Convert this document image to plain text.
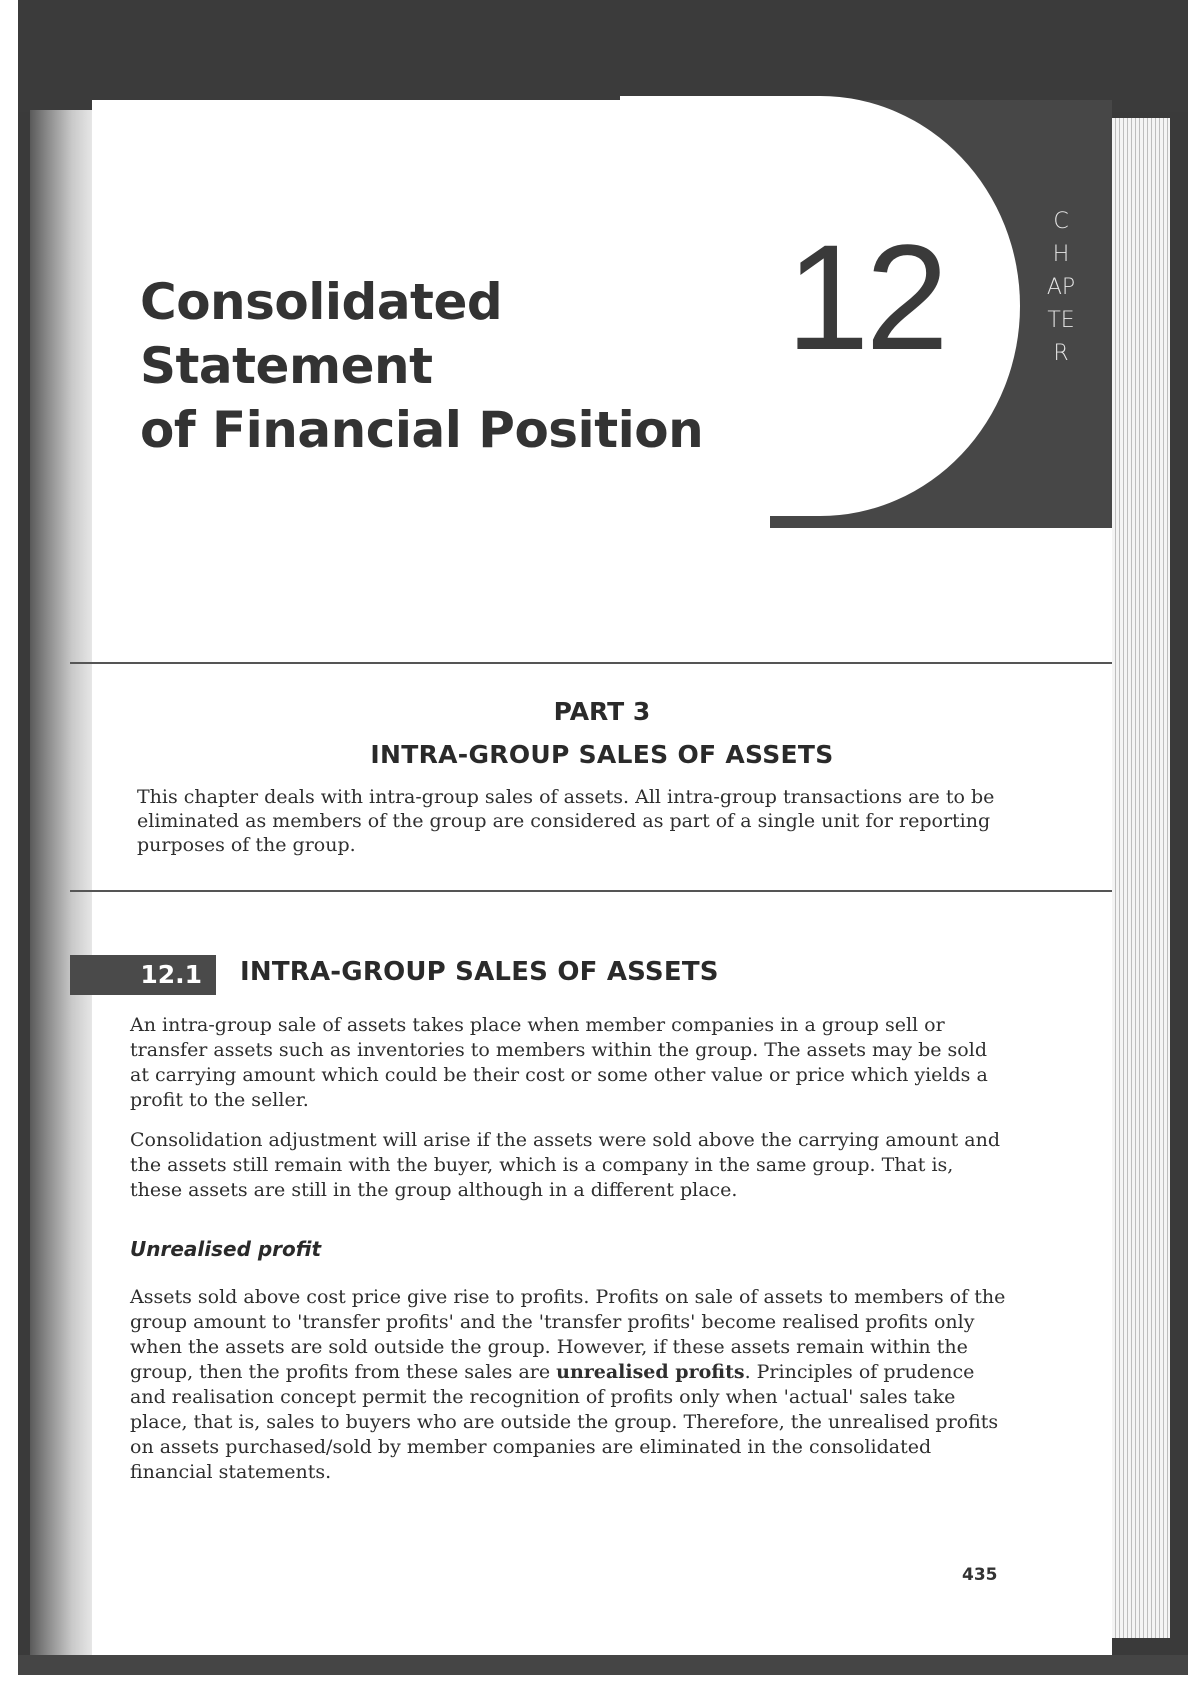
CHAPTER
12
Consolidated Statement
of Financial Position
PART 3
INTRA-GROUP SALES OF ASSETS
This chapter deals with intra-group sales of assets. All intra-group transactions are to be eliminated as members of the group are considered as part of a single unit for reporting purposes of the group.
12.1	INTRA-GROUP SALES OF ASSETS
An intra-group sale of assets takes place when member companies in a group sell or transfer assets such as inventories to members within the group. The assets may be sold at carrying amount which could be their cost or some other value or price which yields a profit to the seller.
Consolidation adjustment will arise if the assets were sold above the carrying amount and the assets still remain with the buyer, which is a company in the same group. That is, these assets are still in the group although in a different place.
Unrealised profit
Assets sold above cost price give rise to profits. Profits on sale of assets to members of the group amount to 'transfer profits' and the 'transfer profits' become realised profits only when the assets are sold outside the group. However, if these assets remain within the group, then the profits from these sales are unrealised profits. Principles of prudence and realisation concept permit the recognition of profits only when 'actual' sales take place, that is, sales to buyers who are outside the group. Therefore, the unrealised profits on assets purchased/sold by member companies are eliminated in the consolidated financial statements.
435
